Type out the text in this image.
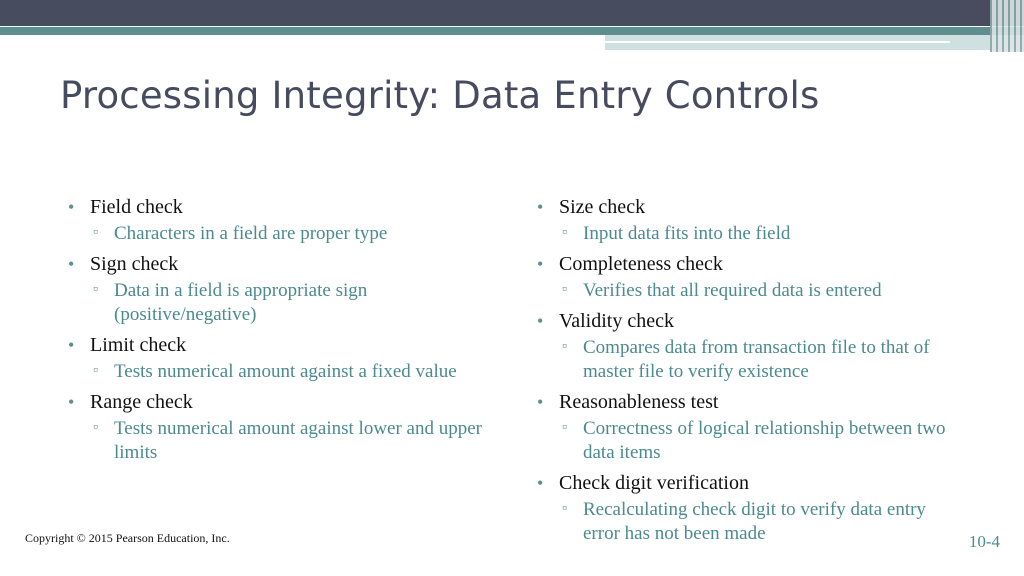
Processing Integrity: Data Entry Controls
• Field check
▫ Characters in a field are proper type
• Sign check
▫ Data in a field is appropriate sign (positive/negative)
• Limit check
▫ Tests numerical amount against a fixed value
• Range check
▫ Tests numerical amount against lower and upper limits
• Size check
▫ Input data fits into the field
• Completeness check
▫ Verifies that all required data is entered
• Validity check
▫ Compares data from transaction file to that of master file to verify existence
• Reasonableness test
▫ Correctness of logical relationship between two data items
• Check digit verification
▫ Recalculating check digit to verify data entry error has not been made
Copyright © 2015 Pearson Education, Inc.	10-4
